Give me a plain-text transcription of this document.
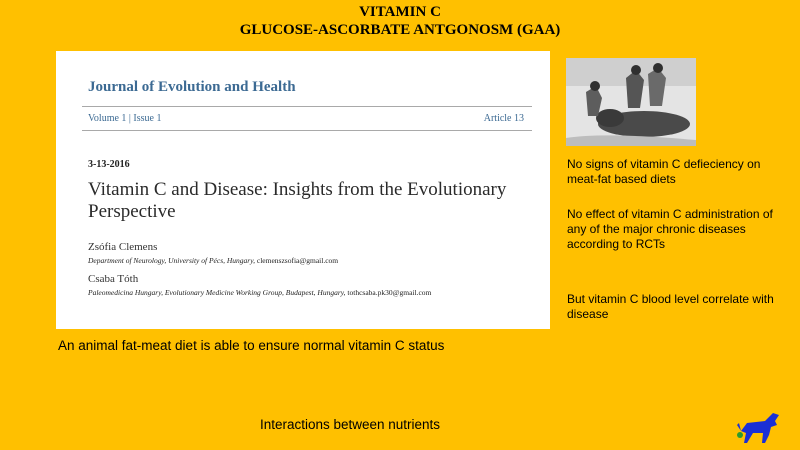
VITAMIN C
GLUCOSE-ASCORBATE ANTGONOSM (GAA)
Journal of Evolution and Health
Volume 1 | Issue 1	Article 13
3-13-2016
Vitamin C and Disease: Insights from the Evolutionary Perspective
Zsófia Clemens
Department of Neurology, University of Pécs, Hungary, clemenszsofia@gmail.com
Csaba Tóth
Paleomedicina Hungary, Evolutionary Medicine Working Group, Budapest, Hungary, tothcsaba.pk30@gmail.com
An animal fat-meat diet is able to ensure normal vitamin C status
Interactions between nutrients
No signs of vitamin C defieciency on meat-fat based diets
No effect of vitamin C administration of any of the major chronic diseases according to RCTs
But vitamin C blood level correlate with disease
